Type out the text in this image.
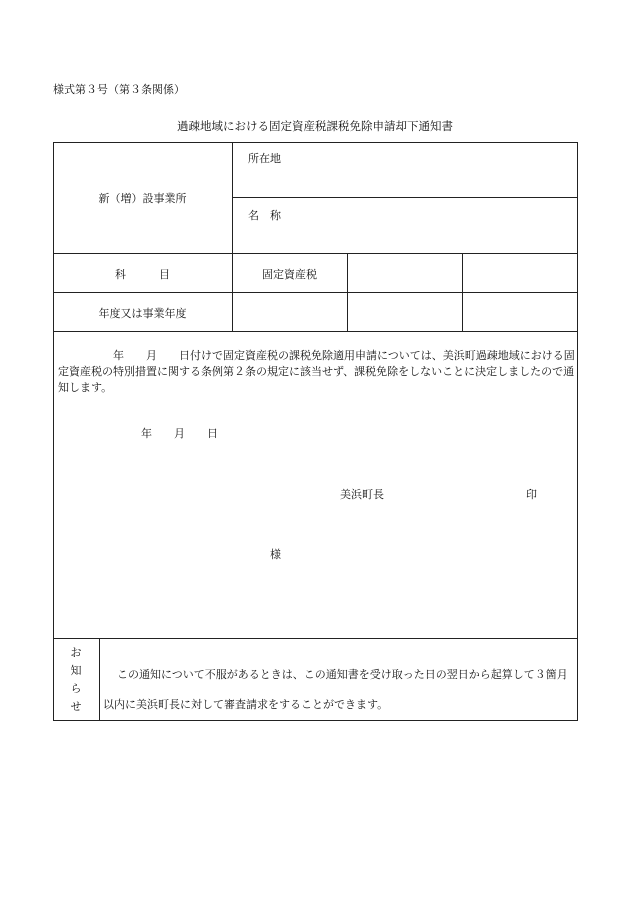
様式第３号（第３条関係）
過疎地域における固定資産税課税免除申請却下通知書
新（増）設事業所
所在地
名　称
科　　　目	固定資産税
年度又は事業年度
　　　　　年　　月　　日付けで固定資産税の課税免除適用申請については、美浜町過疎地域における固定資産税の特別措置に関する条例第２条の規定に該当せず、課税免除をしないことに決定しましたので通知します。
年　　月　　日
美浜町長	印
様
お
知
ら
せ
この通知について不服があるときは、この通知書を受け取った日の翌日から起算して３箇月以内に美浜町長に対して審査請求をすることができます。
